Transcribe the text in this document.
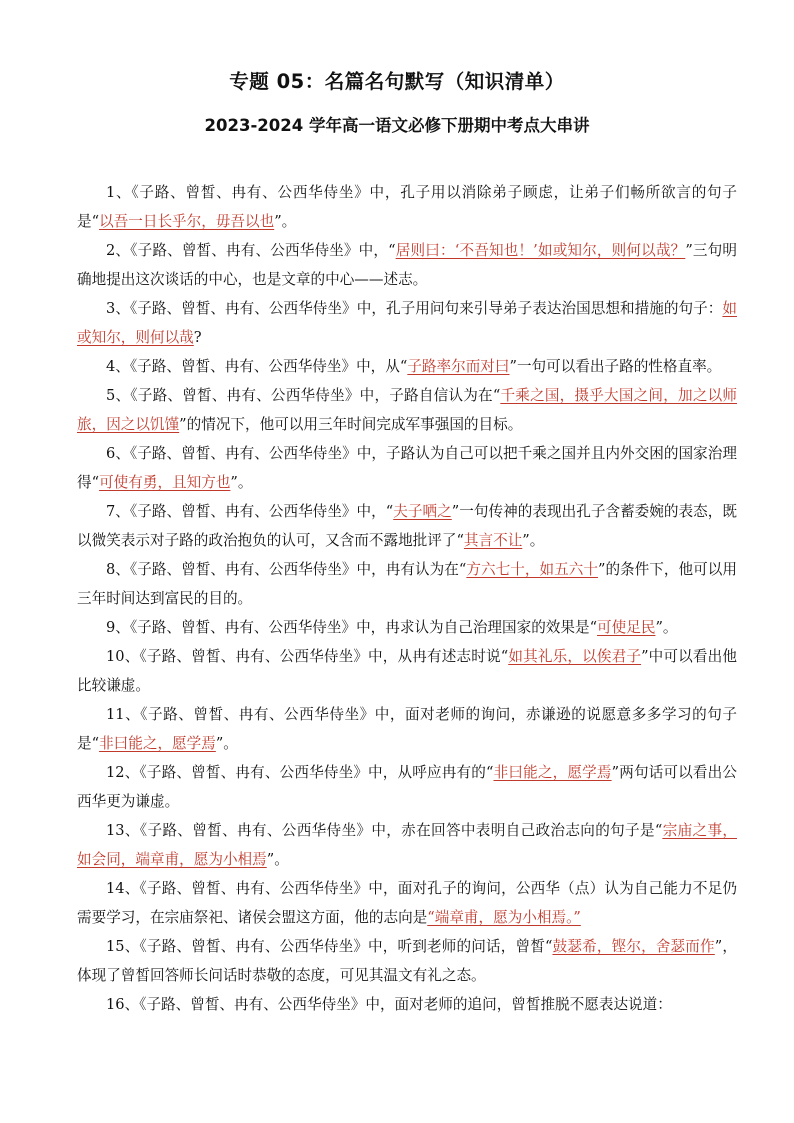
专题 05：名篇名句默写（知识清单）
2023-2024 学年高一语文必修下册期中考点大串讲

1、《子路、曾皙、冉有、公西华侍坐》中，孔子用以消除弟子顾虑，让弟子们畅所欲言的句子是“以吾一日长乎尔，毋吾以也”。

2、《子路、曾皙、冉有、公西华侍坐》中，“居则曰：‘不吾知也！’如或知尔，则何以哉？”三句明确地提出这次谈话的中心，也是文章的中心——述志。

3、《子路、曾皙、冉有、公西华侍坐》中，孔子用问句来引导弟子表达治国思想和措施的句子：如或知尔，则何以哉?

4、《子路、曾皙、冉有、公西华侍坐》中，从“子路率尔而对曰”一句可以看出子路的性格直率。

5、《子路、曾皙、冉有、公西华侍坐》中，子路自信认为在“千乘之国，摄乎大国之间，加之以师旅，因之以饥馑”的情况下，他可以用三年时间完成军事强国的目标。

6、《子路、曾皙、冉有、公西华侍坐》中，子路认为自己可以把千乘之国并且内外交困的国家治理得“可使有勇，且知方也”。

7、《子路、曾皙、冉有、公西华侍坐》中，“夫子哂之”一句传神的表现出孔子含蓄委婉的表态，既以微笑表示对子路的政治抱负的认可，又含而不露地批评了“其言不让”。

8、《子路、曾皙、冉有、公西华侍坐》中，冉有认为在“方六七十，如五六十”的条件下，他可以用三年时间达到富民的目的。

9、《子路、曾皙、冉有、公西华侍坐》中，冉求认为自己治理国家的效果是“可使足民”。

10、《子路、曾皙、冉有、公西华侍坐》中，从冉有述志时说“如其礼乐，以俟君子”中可以看出他比较谦虚。

11、《子路、曾皙、冉有、公西华侍坐》中，面对老师的询问，赤谦逊的说愿意多多学习的句子是“非曰能之，愿学焉”。

12、《子路、曾皙、冉有、公西华侍坐》中，从呼应冉有的“非曰能之，愿学焉”两句话可以看出公西华更为谦虚。

13、《子路、曾皙、冉有、公西华侍坐》中，赤在回答中表明自己政治志向的句子是“宗庙之事，如会同，端章甫，愿为小相焉”。

14、《子路、曾皙、冉有、公西华侍坐》中，面对孔子的询问，公西华（点）认为自己能力不足仍需要学习，在宗庙祭祀、诸侯会盟这方面，他的志向是“端章甫，愿为小相焉。”

15、《子路、曾皙、冉有、公西华侍坐》中，听到老师的问话，曾皙“鼓瑟希，铿尔，舍瑟而作”，体现了曾皙回答师长问话时恭敬的态度，可见其温文有礼之态。

16、《子路、曾皙、冉有、公西华侍坐》中，面对老师的追问，曾皙推脱不愿表达说道：
